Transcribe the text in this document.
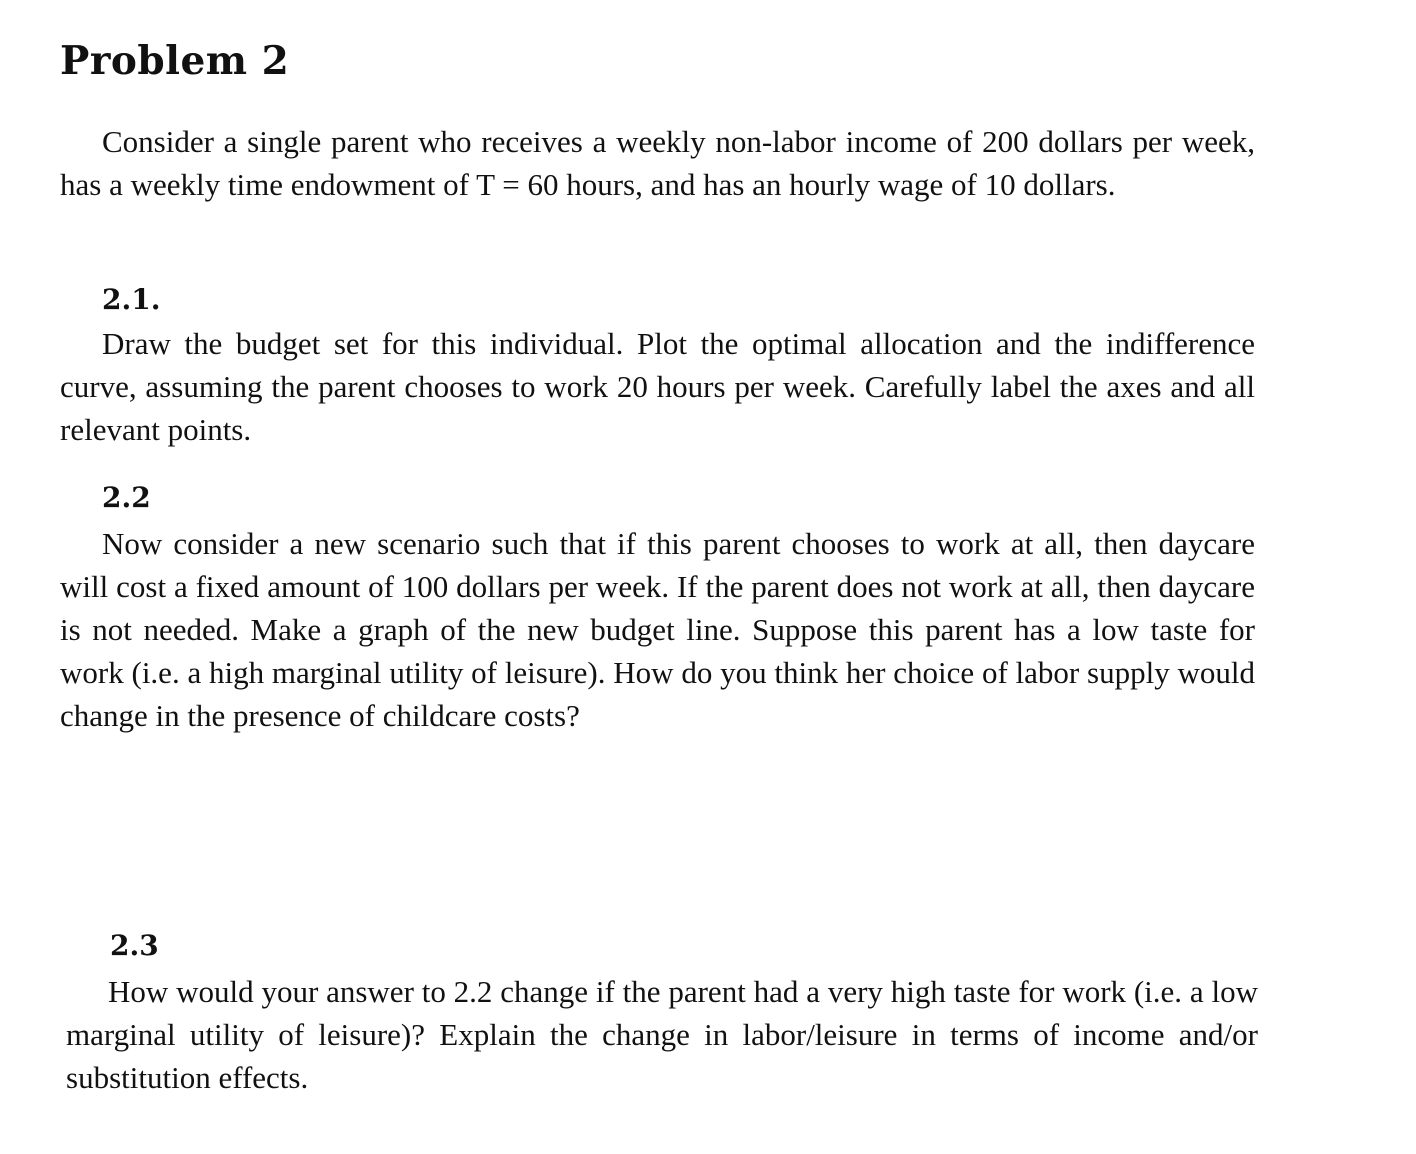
Problem 2

Consider a single parent who receives a weekly non-labor income of 200 dollars per week, has a weekly time endowment of T = 60 hours, and has an hourly wage of 10 dollars.

2.1.

Draw the budget set for this individual. Plot the optimal allocation and the indifference curve, assuming the parent chooses to work 20 hours per week. Carefully label the axes and all relevant points.

2.2

Now consider a new scenario such that if this parent chooses to work at all, then daycare will cost a fixed amount of 100 dollars per week. If the parent does not work at all, then daycare is not needed. Make a graph of the new budget line. Suppose this parent has a low taste for work (i.e. a high marginal utility of leisure). How do you think her choice of labor supply would change in the presence of childcare costs?

2.3

How would your answer to 2.2 change if the parent had a very high taste for work (i.e. a low marginal utility of leisure)? Explain the change in labor/leisure in terms of income and/or substitution effects.
